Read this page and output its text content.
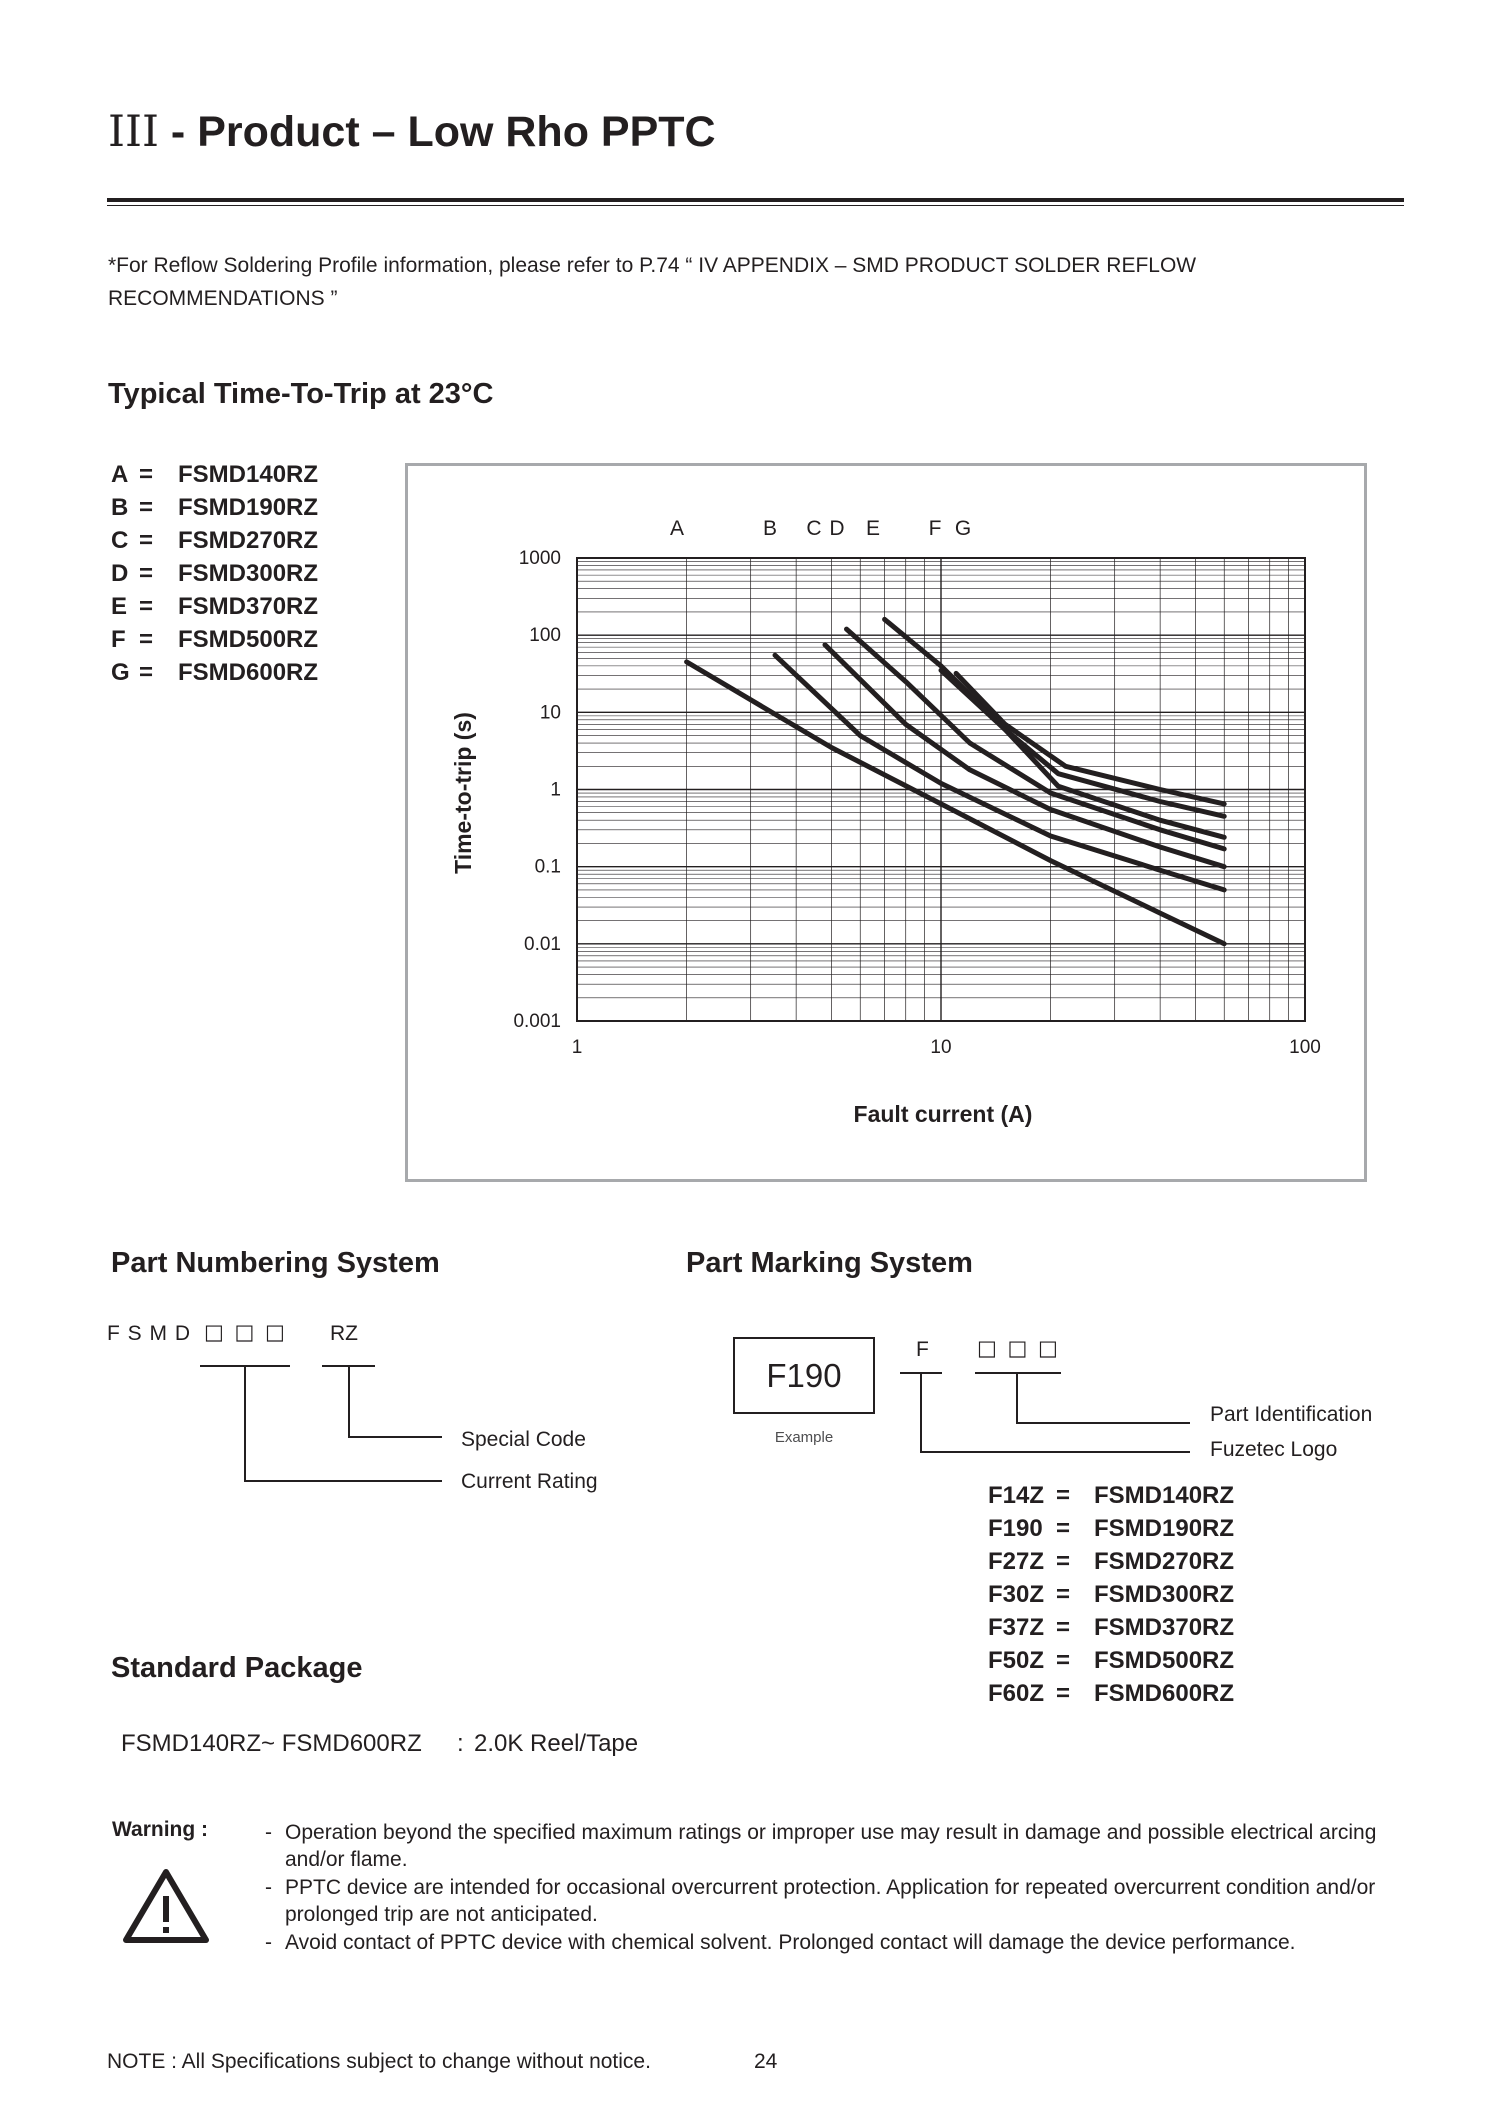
III - Product – Low Rho PPTC
*For Reflow Soldering Profile information, please refer to P.74 “ IV APPENDIX – SMD PRODUCT SOLDER REFLOW RECOMMENDATIONS ”
Typical Time-To-Trip at 23°C
A = FSMD140RZ
B = FSMD190RZ
C = FSMD270RZ
D = FSMD300RZ
E = FSMD370RZ
F = FSMD500RZ
G = FSMD600RZ
1	10	100
1000
100
10
1
0.1
0.01
0.001
A	B C D E F G
Fault current (A)
Time-to-trip (s)
Part Numbering System
F S M D □ □ □ RZ
Special Code
Current Rating
Part Marking System
F190
Example
F □ □ □
Part Identification
Fuzetec Logo
F14Z = FSMD140RZ
F190 = FSMD190RZ
F27Z = FSMD270RZ
F30Z = FSMD300RZ
F37Z = FSMD370RZ
F50Z = FSMD500RZ
F60Z = FSMD600RZ
Standard Package
FSMD140RZ~ FSMD600RZ : 2.0K Reel/Tape
Warning :	- Operation beyond the specified maximum ratings or improper use may result in damage and possible electrical arcing and/or flame.
- PPTC device are intended for occasional overcurrent protection. Application for repeated overcurrent condition and/or prolonged trip are not anticipated.
- Avoid contact of PPTC device with chemical solvent. Prolonged contact will damage the device performance.
NOTE : All Specifications subject to change without notice.	24
